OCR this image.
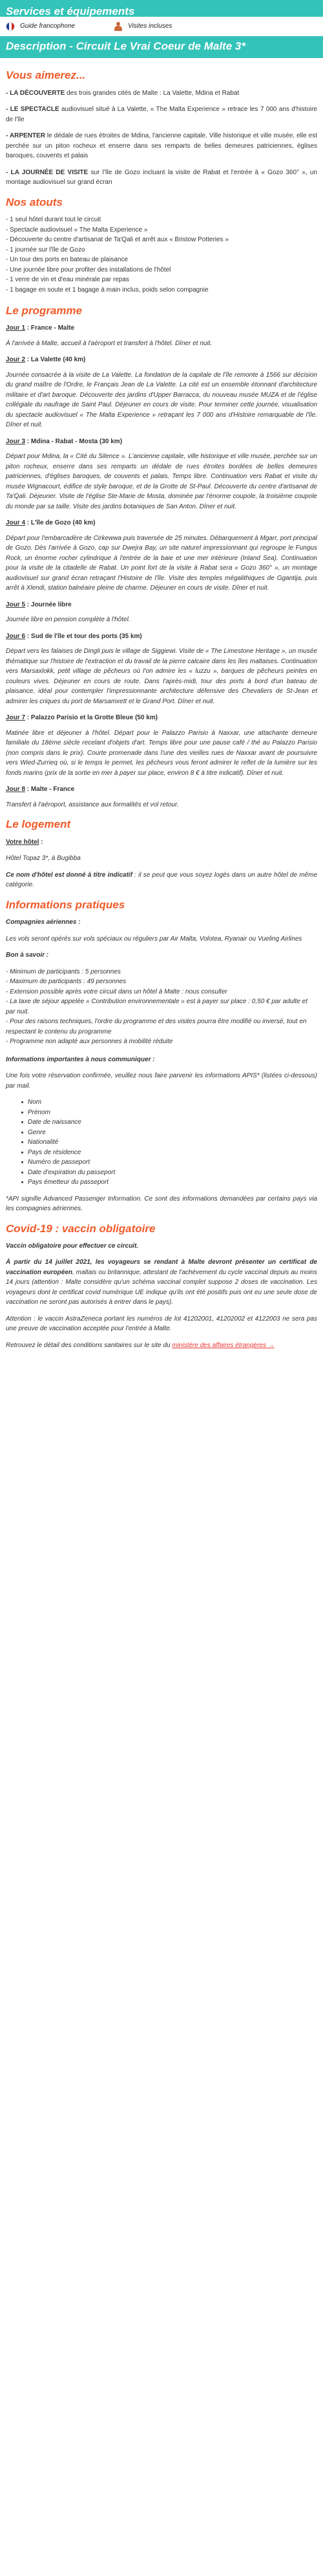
Services et équipements
Guide francophone	Visites incluses
Description - Circuit Le Vrai Coeur de Malte 3*
Vous aimerez...

- LA DÉCOUVERTE des trois grandes cités de Malte : La Valette, Mdina et Rabat

- LE SPECTACLE audiovisuel situé à La Valette, « The Malta Experience » retrace les 7 000 ans d'histoire de l'île

- ARPENTER le dédale de rues étroites de Mdina, l'ancienne capitale. Ville historique et ville musée, elle est perchée sur un piton rocheux et enserre dans ses remparts de belles demeures patriciennes, églises baroques, couvents et palais

- LA JOURNÉE DE VISITE sur l'île de Gozo incluant la visite de Rabat et l'entrée à « Gozo 360° », un montage audiovisuel sur grand écran

Nos atouts
- 1 seul hôtel durant tout le circuit
- Spectacle audiovisuel « The Malta Experience »
- Découverte du centre d'artisanat de Ta'Qali et arrêt aux « Bristow Potteries »
- 1 journée sur l'île de Gozo
- Un tour des ports en bateau de plaisance
- Une journée libre pour profiter des installations de l'hôtel
- 1 verre de vin et d'eau minérale par repas
- 1 bagage en soute et 1 bagage à main inclus, poids selon compagnie
Le programme
Jour 1 : France - Malte

À l'arrivée à Malte, accueil à l'aéroport et transfert à l'hôtel. Dîner et nuit.

Jour 2 : La Valette (40 km)

Journée consacrée à la visite de La Valette. La fondation de la capitale de l'île remonte à 1566 sur décision du grand maître de l'Ordre, le Français Jean de La Valette. La cité est un ensemble étonnant d'architecture militaire et d'art baroque. Découverte des jardins d'Upper Barracca, du nouveau musée MUZA et de l'église collégiale du naufrage de Saint Paul. Déjeuner en cours de visite. Pour terminer cette journée, visualisation du spectacle audiovisuel « The Malta Experience » retraçant les 7 000 ans d'Histoire remarquable de l'île. Dîner et nuit.

Jour 3 : Mdina - Rabat - Mosta (30 km)

Départ pour Mdina, la « Cité du Silence ». L'ancienne capitale, ville historique et ville musée, perchée sur un piton rocheux, enserre dans ses remparts un dédale de rues étroites bordées de belles demeures patriciennes, d'églises baroques, de couvents et palais. Temps libre. Continuation vers Rabat et visite du musée Wignacourt, édifice de style baroque, et de la Grotte de St-Paul. Découverte du centre d'artisanat de Ta'Qali. Déjeuner. Visite de l'église Ste-Marie de Mosta, dominée par l'énorme coupole, la troisième coupole du monde par sa taille. Visite des jardins botaniques de San Anton. Dîner et nuit.

Jour 4 : L'île de Gozo (40 km)

Départ pour l'embarcadère de Cirkewwa puis traversée de 25 minutes. Débarquement à Mgarr, port principal de Gozo. Dès l'arrivée à Gozo, cap sur Dwejra Bay, un site naturel impressionnant qui regroupe le Fungus Rock, un énorme rocher cylindrique à l'entrée de la baie et une mer intérieure (Inland Sea). Continuation pour la visite de la citadelle de Rabat. Un point fort de la visite à Rabat sera « Gozo 360° », un montage audiovisuel sur grand écran retraçant l'Histoire de l'île. Visite des temples mégalithiques de Ggantija, puis arrêt à Xlendi, station balnéaire pleine de charme. Déjeuner en cours de visite. Dîner et nuit.

Jour 5 : Journée libre

Journée libre en pension complète à l'hôtel.

Jour 6 : Sud de l'île et tour des ports (35 km)

Départ vers les falaises de Dingli puis le village de Siggiewi. Visite de « The Limestone Heritage », un musée thématique sur l'histoire de l'extraction et du travail de la pierre calcaire dans les îles maltaises. Continuation vers Marsaxlokk, petit village de pêcheurs où l'on admire les « luzzu », barques de pêcheurs peintes en couleurs vives. Déjeuner en cours de route. Dans l'après-midi, tour des ports à bord d'un bateau de plaisance, idéal pour contempler l'impressionnante architecture défensive des Chevaliers de St-Jean et admirer les criques du port de Marsamxett et le Grand Port. Dîner et nuit.

Jour 7 : Palazzo Parisio et la Grotte Bleue (50 km)

Matinée libre et déjeuner à l'hôtel. Départ pour le Palazzo Parisio à Naxxar, une attachante demeure familiale du 18ème siècle recelant d'objets d'art. Temps libre pour une pause café / thé au Palazzo Parisio (non compris dans le prix). Courte promenade dans l'une des vieilles rues de Naxxar avant de poursuivre vers Wied-Zurrieq où, si le temps le permet, les pêcheurs vous feront admirer le reflet de la lumière sur les fonds marins (prix de la sortie en mer à payer sur place, environ 8 € à titre indicatif). Dîner et nuit.

Jour 8 : Malte - France

Transfert à l'aéroport, assistance aux formalités et vol retour.

Le logement

Votre hôtel :

Hôtel Topaz 3*, à Bugibba

Ce nom d'hôtel est donné à titre indicatif : il se peut que vous soyez logés dans un autre hôtel de même catégorie.

Informations pratiques

Compagnies aériennes :

Les vols seront opérés sur vols spéciaux ou réguliers par Air Malta, Volotea, Ryanair ou Vueling Airlines

Bon à savoir :

- Minimum de participants : 5 personnes
- Maximum de participants : 49 personnes
- Extension possible après votre circuit dans un hôtel à Malte : nous consulter
- La taxe de séjour appelée « Contribution environnementale » est à payer sur place : 0,50 € par adulte et par nuit.
- Pour des raisons techniques, l'ordre du programme et des visites pourra être modifié ou inversé, tout en respectant le contenu du programme
- Programme non adapté aux personnes à mobilité réduite

Informations importantes à nous communiquer :

Une fois votre réservation confirmée, veuillez nous faire parvenir les informations APIS* (listées ci-dessous) par mail.

Nom
Prénom
Date de naissance
Genre
Nationalité
Pays de résidence
Numéro de passeport
Date d'expiration du passeport
Pays émetteur du passeport

*API signifie Advanced Passenger Information. Ce sont des informations demandées par certains pays via les compagnies aériennes.

Covid-19 : vaccin obligatoire

Vaccin obligatoire pour effectuer ce circuit.

À partir du 14 juillet 2021, les voyageurs se rendant à Malte devront présenter un certificat de vaccination européen, maltais ou britannique, attestant de l'achèvement du cycle vaccinal depuis au moins 14 jours (attention : Malte considère qu'un schéma vaccinal complet suppose 2 doses de vaccination. Les voyageurs dont le certificat covid numérique UE indique qu'ils ont été positifs puis ont eu une seule dose de vaccination ne seront pas autorisés à entrer dans le pays).

Attention : le vaccin AstraZeneca portant les numéros de lot 41202001, 41202002 et 4122003 ne sera pas une preuve de vaccination acceptée pour l'entrée à Malte.

Retrouvez le détail des conditions sanitaires sur le site du ministère des affaires étrangères →
